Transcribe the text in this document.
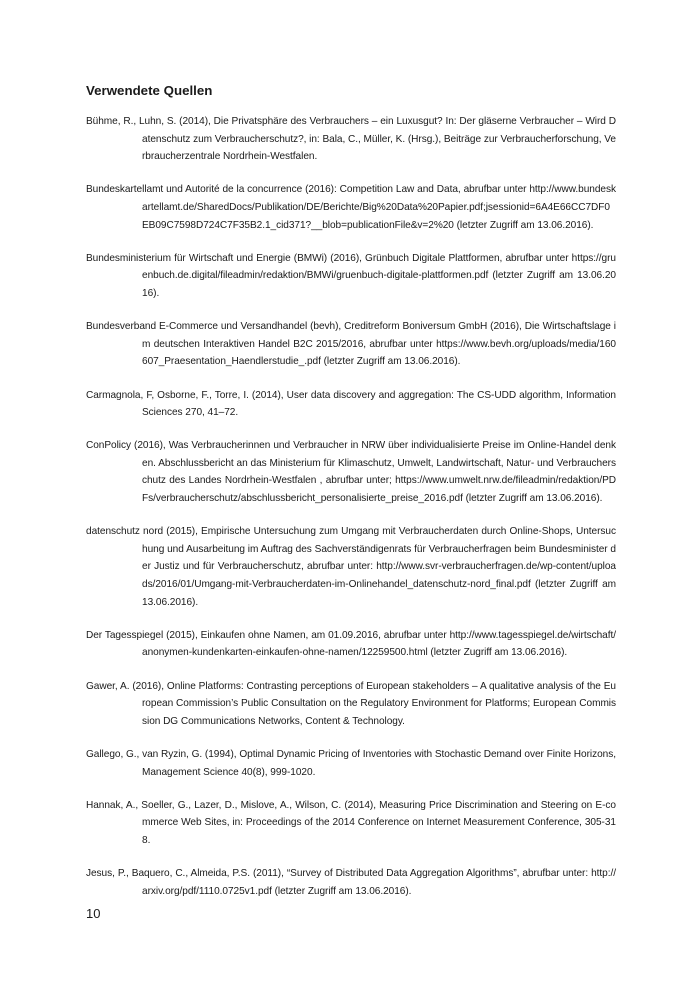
Verwendete Quellen
Bühme, R., Luhn, S. (2014), Die Privatsphäre des Verbrauchers – ein Luxusgut? In: Der gläserne Verbraucher – Wird Datenschutz zum Verbraucherschutz?, in: Bala, C., Müller, K. (Hrsg.), Beiträge zur Verbraucherforschung, Verbraucherzentrale Nordrhein-Westfalen.
Bundeskartellamt und Autorité de la concurrence (2016): Competition Law and Data, abrufbar unter http://www.bundeskartellamt.de/SharedDocs/Publikation/DE/Berichte/Big%20Data%20Papier.pdf;jsessionid=6A4E66CC7DF0EB09C7598D724C7F35B2.1_cid371?__blob=publicationFile&v=2%20 (letzter Zugriff am 13.06.2016).
Bundesministerium für Wirtschaft und Energie (BMWi) (2016), Grünbuch Digitale Plattformen, abrufbar unter https://gruenbuch.de.digital/fileadmin/redaktion/BMWi/gruenbuch-digitale-plattformen.pdf (letzter Zugriff am 13.06.2016).
Bundesverband E-Commerce und Versandhandel (bevh), Creditreform Boniversum GmbH (2016), Die Wirtschaftslage im deutschen Interaktiven Handel B2C 2015/2016, abrufbar unter https://www.bevh.org/uploads/media/160607_Praesentation_Haendlerstudie_.pdf (letzter Zugriff am 13.06.2016).
Carmagnola, F, Osborne, F., Torre, I. (2014), User data discovery and aggregation: The CS-UDD algorithm, Information Sciences 270, 41–72.
ConPolicy (2016), Was Verbraucherinnen und Verbraucher in NRW über individualisierte Preise im Online-Handel denken. Abschlussbericht an das Ministerium für Klimaschutz, Umwelt, Landwirtschaft, Natur- und Verbraucherschutz des Landes Nordrhein-Westfalen , abrufbar unter; https://www.umwelt.nrw.de/fileadmin/redaktion/PDFs/verbraucherschutz/abschlussbericht_personalisierte_preise_2016.pdf (letzter Zugriff am 13.06.2016).
datenschutz nord (2015), Empirische Untersuchung zum Umgang mit Verbraucherdaten durch Online-Shops, Untersuchung und Ausarbeitung im Auftrag des Sachverständigenrats für Verbraucherfragen beim Bundesminister der Justiz und für Verbraucherschutz, abrufbar unter: http://www.svr-verbraucherfragen.de/wp-content/uploads/2016/01/Umgang-mit-Verbraucherdaten-im-Onlinehandel_datenschutz-nord_final.pdf (letzter Zugriff am 13.06.2016).
Der Tagesspiegel (2015), Einkaufen ohne Namen, am 01.09.2016, abrufbar unter http://www.tagesspiegel.de/wirtschaft/anonymen-kundenkarten-einkaufen-ohne-namen/12259500.html (letzter Zugriff am 13.06.2016).
Gawer, A. (2016), Online Platforms: Contrasting perceptions of European stakeholders – A qualitative analysis of the European Commission’s Public Consultation on the Regulatory Environment for Platforms; European Commission DG Communications Networks, Content & Technology.
Gallego, G., van Ryzin, G. (1994), Optimal Dynamic Pricing of Inventories with Stochastic Demand over Finite Horizons, Management Science 40(8), 999-1020.
Hannak, A., Soeller, G., Lazer, D., Mislove, A., Wilson, C. (2014), Measuring Price Discrimination and Steering on E-commerce Web Sites, in: Proceedings of the 2014 Conference on Internet Measurement Conference, 305-318.
Jesus, P., Baquero, C., Almeida, P.S. (2011), “Survey of Distributed Data Aggregation Algorithms”, abrufbar unter: http://arxiv.org/pdf/1110.0725v1.pdf (letzter Zugriff am 13.06.2016).

10
